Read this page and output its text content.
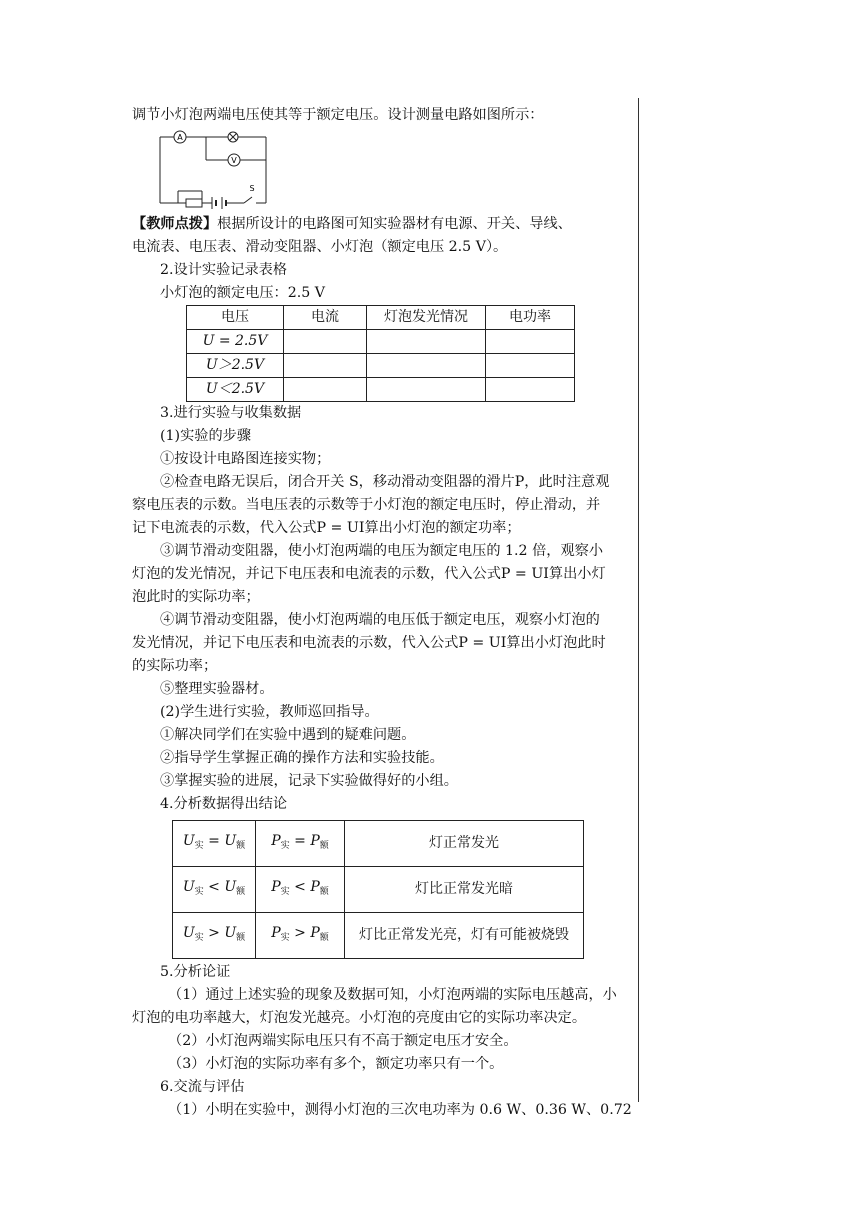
调节小灯泡两端电压使其等于额定电压。设计测量电路如图所示：
A
V
S
【教师点拨】根据所设计的电路图可知实验器材有电源、开关、导线、
电流表、电压表、滑动变阻器、小灯泡（额定电压 2.5 V）。
2.设计实验记录表格
小灯泡的额定电压：2.5 V
电压	电流	灯泡发光情况	电功率
U = 2.5V			
U＞2.5V			
U＜2.5V			
3.进行实验与收集数据
(1)实验的步骤
①按设计电路图连接实物；
②检查电路无误后，闭合开关 S，移动滑动变阻器的滑片P，此时注意观
察电压表的示数。当电压表的示数等于小灯泡的额定电压时，停止滑动，并
记下电流表的示数，代入公式P = UI算出小灯泡的额定功率；
③调节滑动变阻器，使小灯泡两端的电压为额定电压的 1.2 倍，观察小
灯泡的发光情况，并记下电压表和电流表的示数，代入公式P = UI算出小灯
泡此时的实际功率；
④调节滑动变阻器，使小灯泡两端的电压低于额定电压，观察小灯泡的
发光情况，并记下电压表和电流表的示数，代入公式P = UI算出小灯泡此时
的实际功率；
⑤整理实验器材。
(2)学生进行实验，教师巡回指导。
①解决同学们在实验中遇到的疑难问题。
②指导学生掌握正确的操作方法和实验技能。
③掌握实验的进展，记录下实验做得好的小组。
4.分析数据得出结论
$U_实 = U_额$	$P_实 = P_额$	灯正常发光
$U_实 < U_额$	$P_实 < P_额$	灯比正常发光暗
$U_实 > U_额$	$P_实 > P_额$	灯比正常发光亮，灯有可能被烧毁
5.分析论证
（1）通过上述实验的现象及数据可知，小灯泡两端的实际电压越高，小
灯泡的电功率越大，灯泡发光越亮。小灯泡的亮度由它的实际功率决定。
（2）小灯泡两端实际电压只有不高于额定电压才安全。
（3）小灯泡的实际功率有多个，额定功率只有一个。
6.交流与评估
（1）小明在实验中，测得小灯泡的三次电功率为 0.6 W、0.36 W、0.72
